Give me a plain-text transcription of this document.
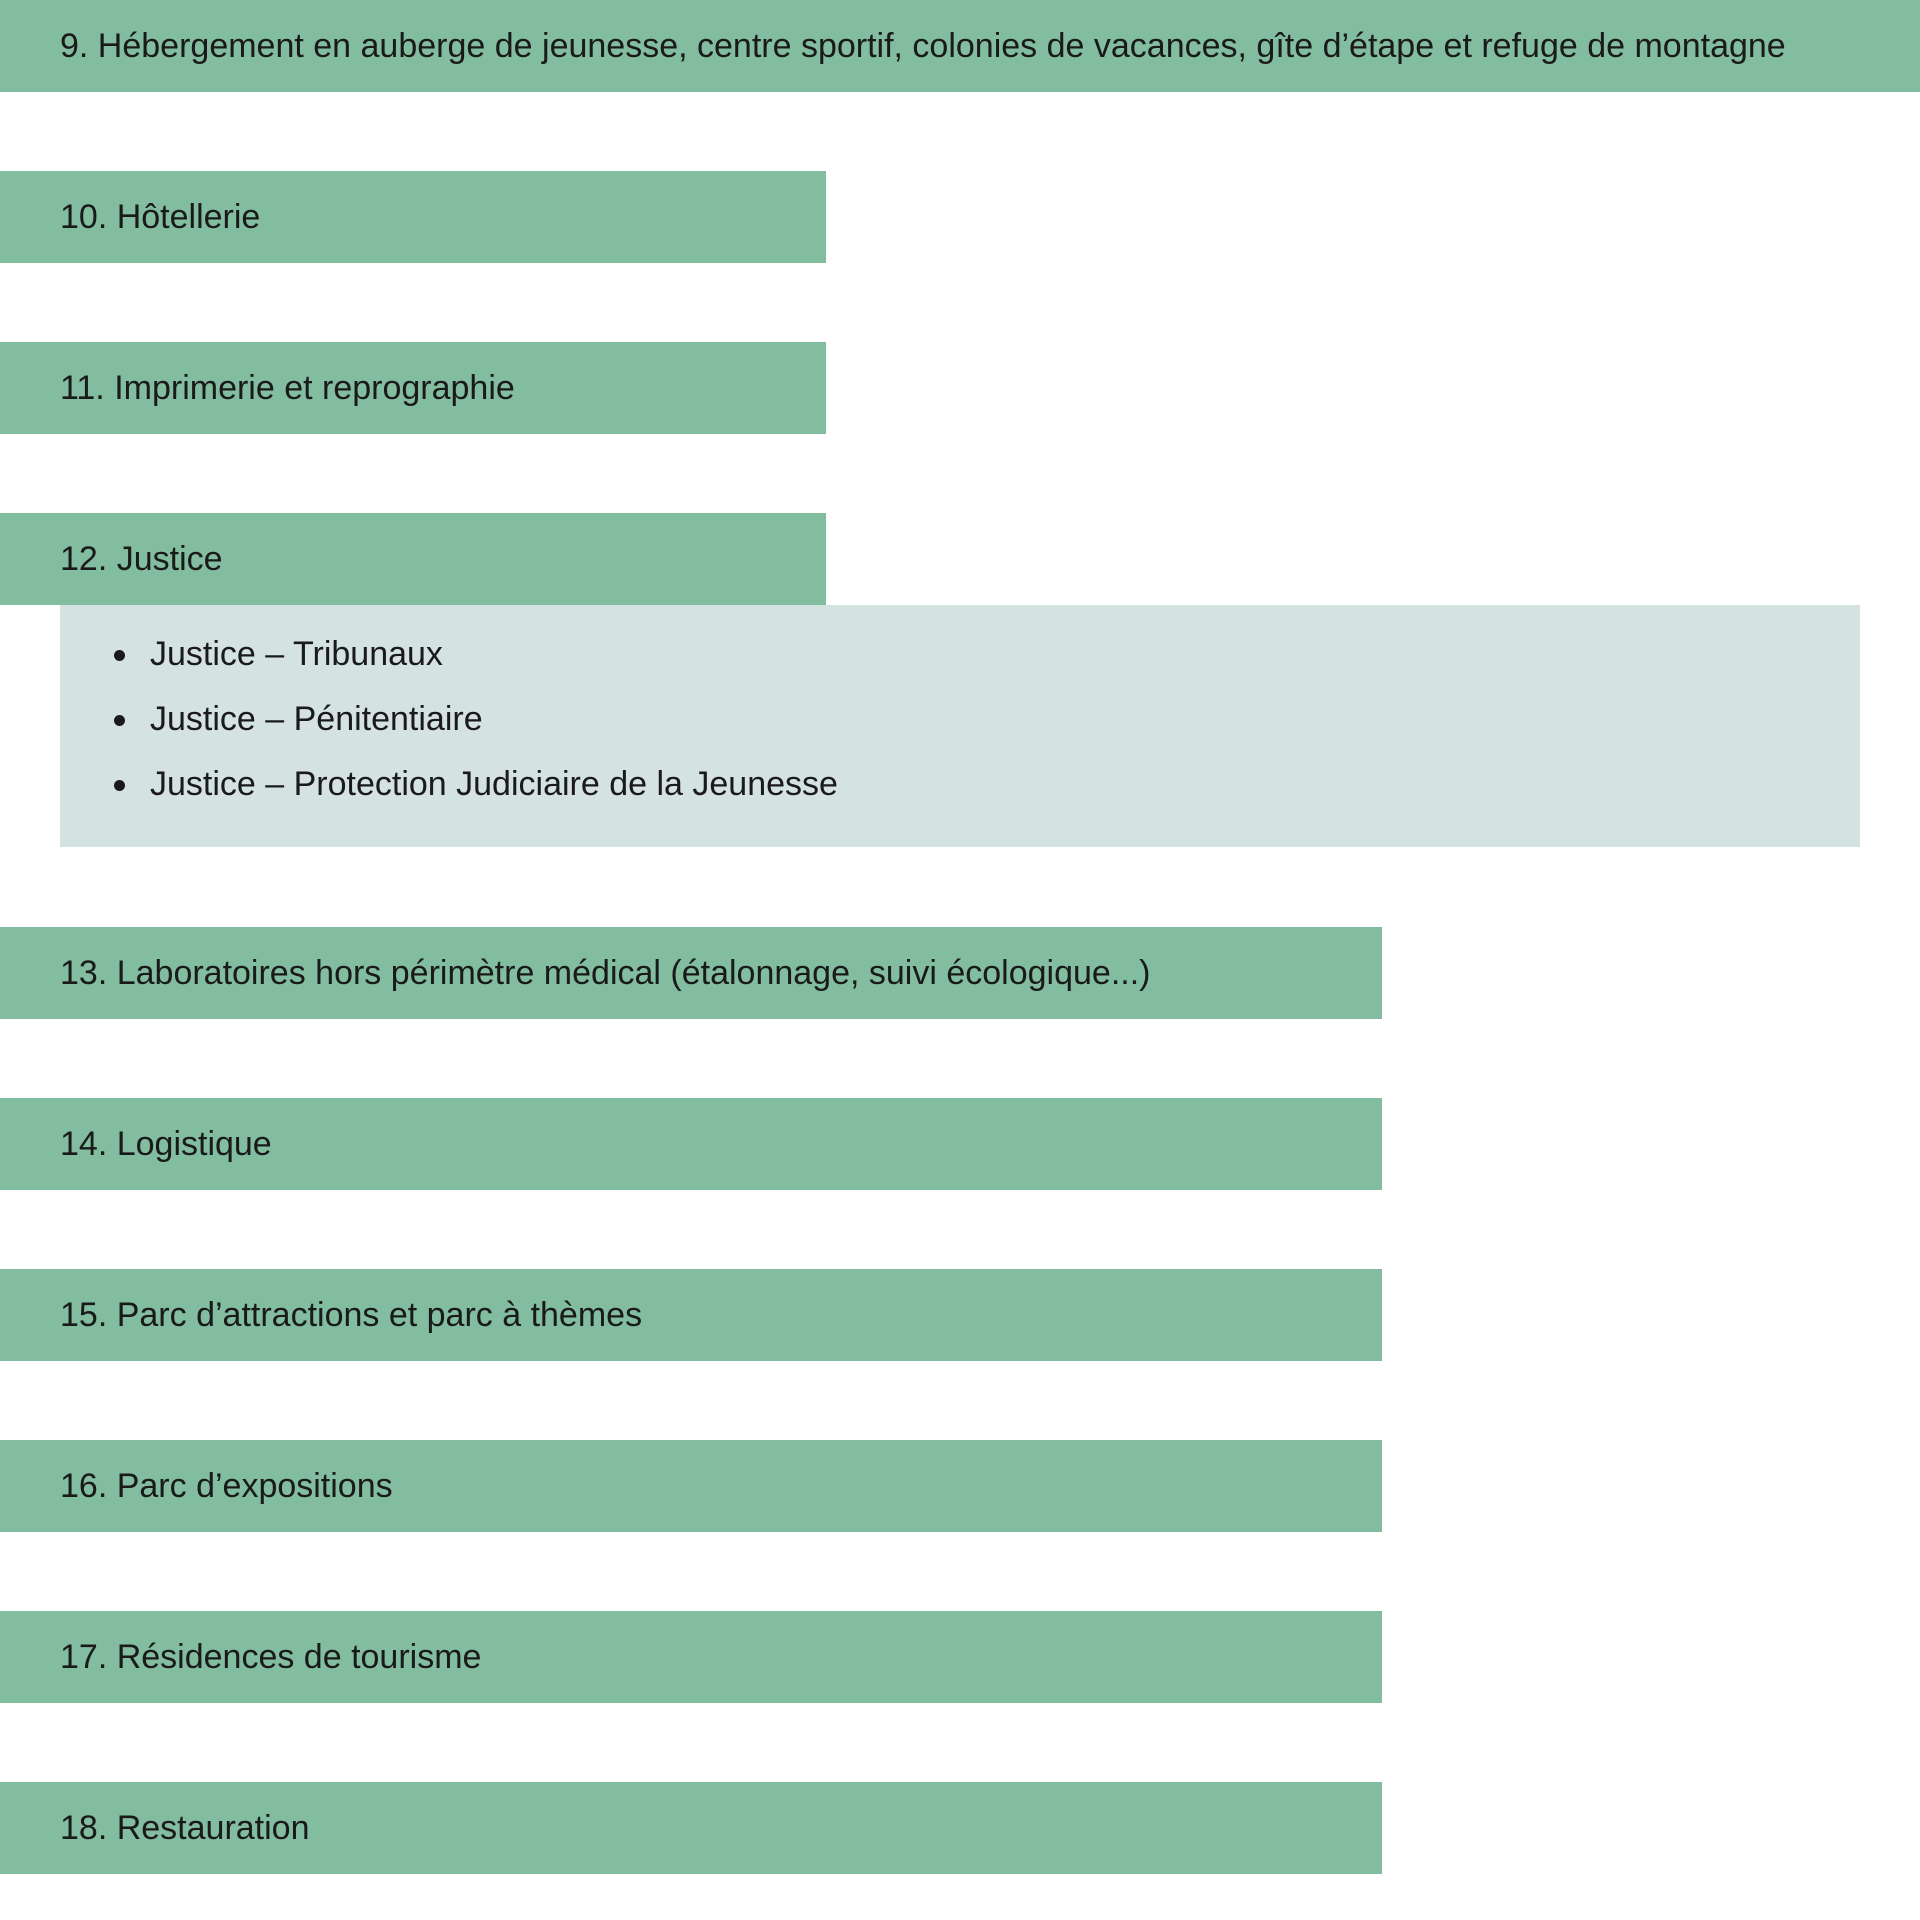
9. Hébergement en auberge de jeunesse, centre sportif, colonies de vacances, gîte d’étape et refuge de montagne
10. Hôtellerie
11. Imprimerie et reprographie
12. Justice
Justice – Tribunaux
Justice – Pénitentiaire
Justice – Protection Judiciaire de la Jeunesse
13. Laboratoires hors périmètre médical (étalonnage, suivi écologique...)
14. Logistique
15. Parc d’attractions et parc à thèmes
16. Parc d’expositions
17. Résidences de tourisme
18. Restauration
